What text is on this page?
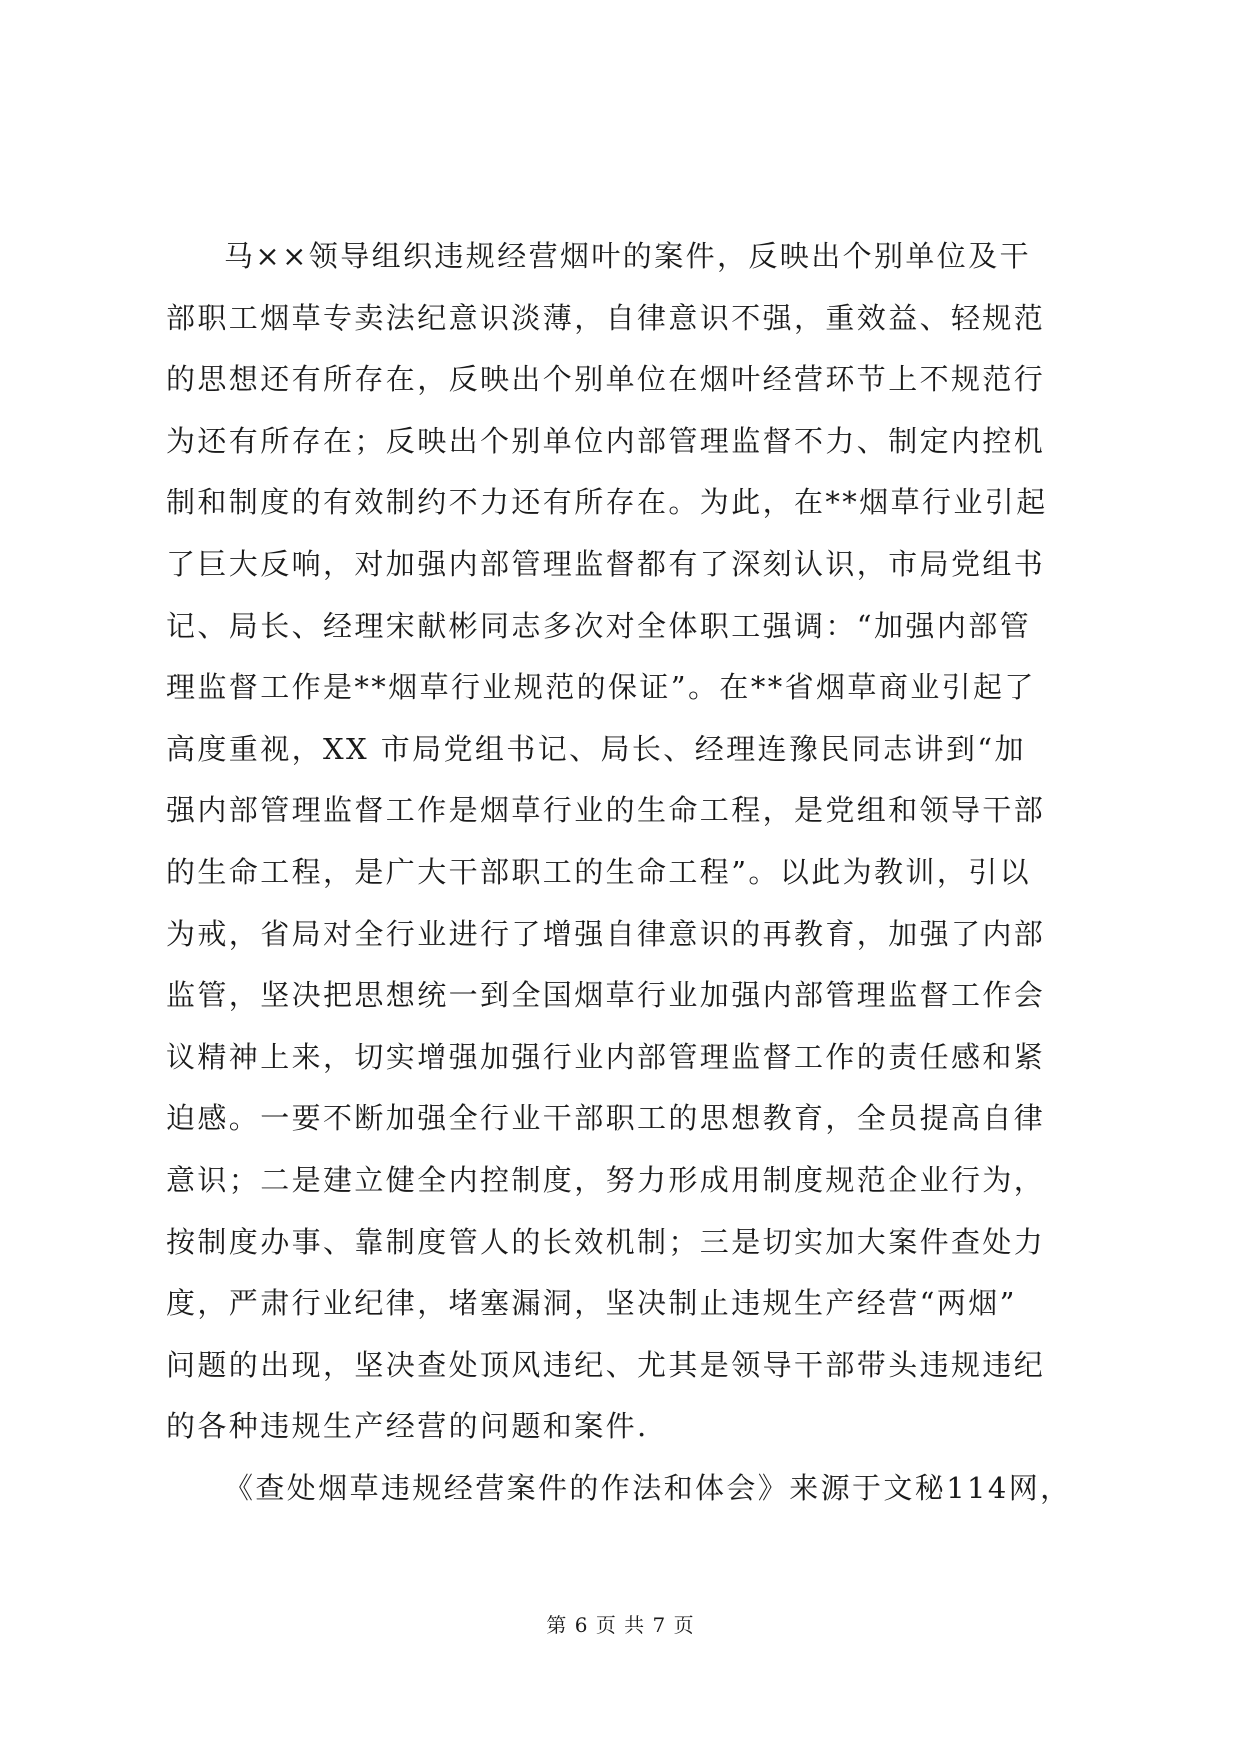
马××领导组织违规经营烟叶的案件，反映出个别单位及干
部职工烟草专卖法纪意识淡薄，自律意识不强，重效益、轻规范
的思想还有所存在，反映出个别单位在烟叶经营环节上不规范行
为还有所存在；反映出个别单位内部管理监督不力、制定内控机
制和制度的有效制约不力还有所存在。为此，在**烟草行业引起
了巨大反响，对加强内部管理监督都有了深刻认识，市局党组书
记、局长、经理宋献彬同志多次对全体职工强调：“加强内部管
理监督工作是**烟草行业规范的保证”。在**省烟草商业引起了
高度重视，XX 市局党组书记、局长、经理连豫民同志讲到“加
强内部管理监督工作是烟草行业的生命工程，是党组和领导干部
的生命工程，是广大干部职工的生命工程”。以此为教训，引以
为戒，省局对全行业进行了增强自律意识的再教育，加强了内部
监管，坚决把思想统一到全国烟草行业加强内部管理监督工作会
议精神上来，切实增强加强行业内部管理监督工作的责任感和紧
迫感。一要不断加强全行业干部职工的思想教育，全员提高自律
意识；二是建立健全内控制度，努力形成用制度规范企业行为，
按制度办事、靠制度管人的长效机制；三是切实加大案件查处力
度，严肃行业纪律，堵塞漏洞，坚决制止违规生产经营“两烟”
问题的出现，坚决查处顶风违纪、尤其是领导干部带头违规违纪
的各种违规生产经营的问题和案件.
《查处烟草违规经营案件的作法和体会》来源于文秘114网，
第 6 页 共 7 页
